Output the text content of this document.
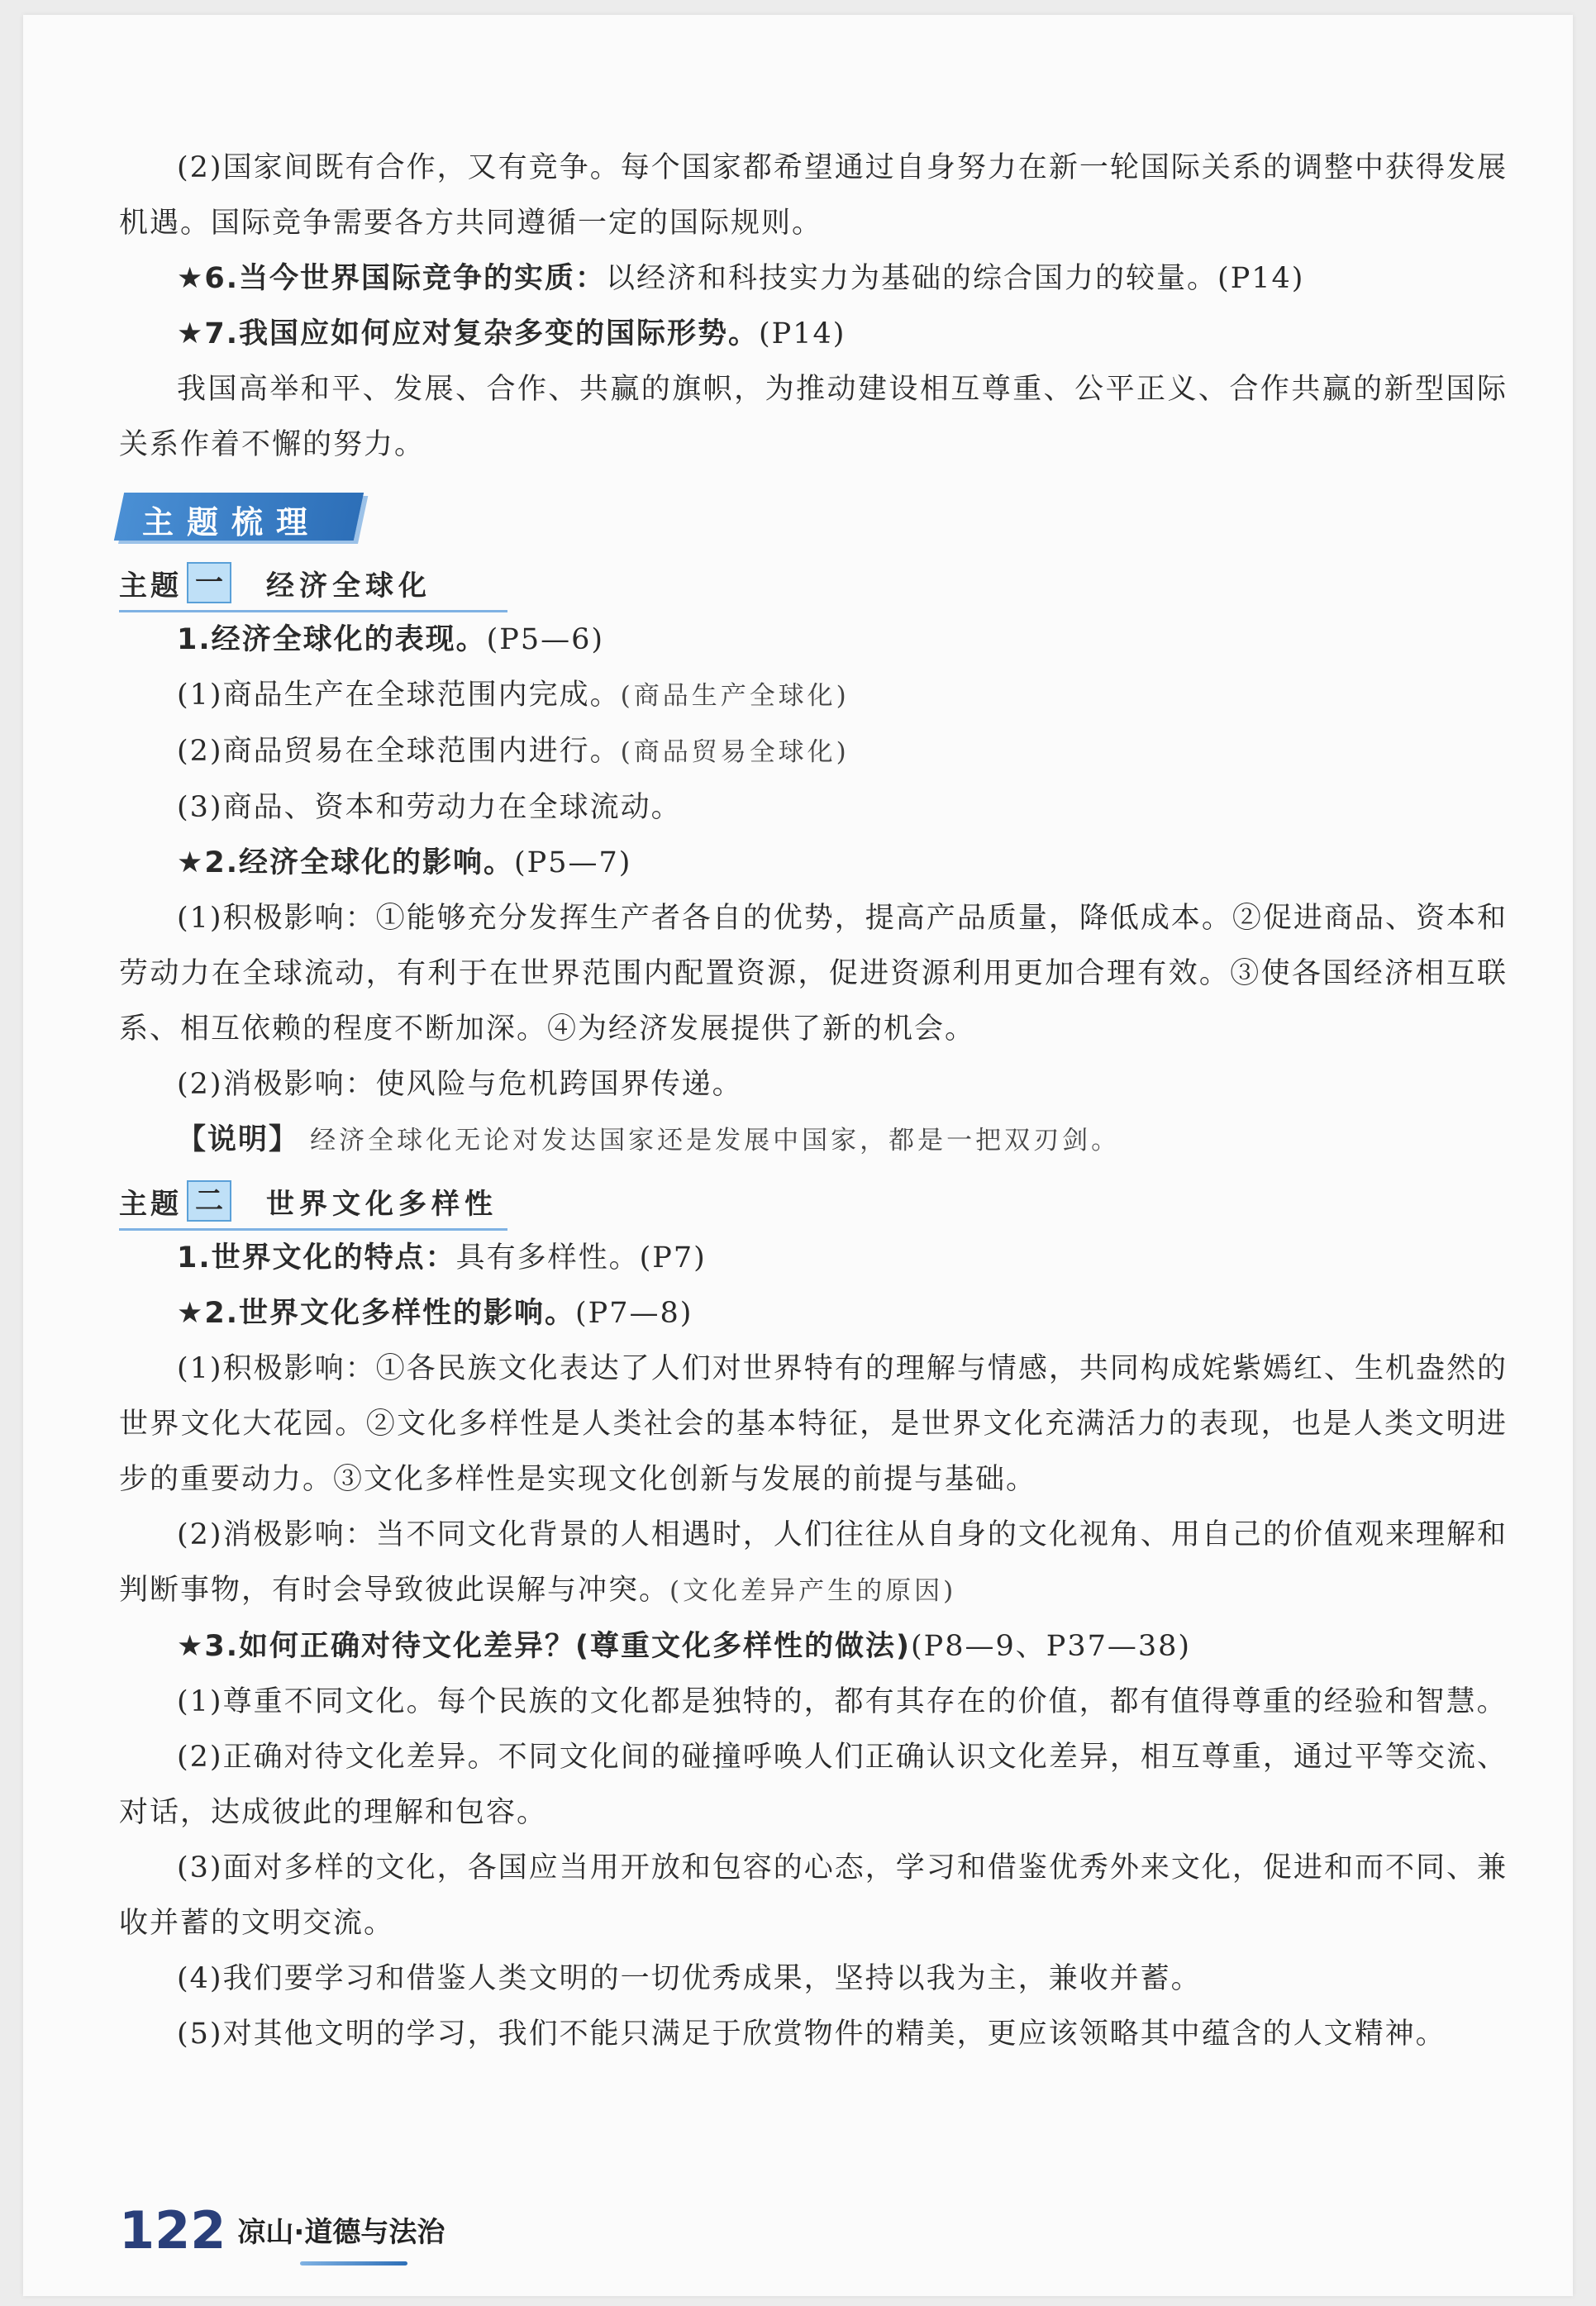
(2)国家间既有合作，又有竞争。每个国家都希望通过自身努力在新一轮国际关系的调整中获得发展机遇。国际竞争需要各方共同遵循一定的国际规则。

★6.当今世界国际竞争的实质：以经济和科技实力为基础的综合国力的较量。(P14)

★7.我国应如何应对复杂多变的国际形势。(P14)

我国高举和平、发展、合作、共赢的旗帜，为推动建设相互尊重、公平正义、合作共赢的新型国际关系作着不懈的努力。

主题梳理
主题 一 经济全球化

1.经济全球化的表现。(P5—6)

(1)商品生产在全球范围内完成。(商品生产全球化)

(2)商品贸易在全球范围内进行。(商品贸易全球化)

(3)商品、资本和劳动力在全球流动。

★2.经济全球化的影响。(P5—7)

(1)积极影响：①能够充分发挥生产者各自的优势，提高产品质量，降低成本。②促进商品、资本和劳动力在全球流动，有利于在世界范围内配置资源，促进资源利用更加合理有效。③使各国经济相互联系、相互依赖的程度不断加深。④为经济发展提供了新的机会。

(2)消极影响：使风险与危机跨国界传递。

【说明】 经济全球化无论对发达国家还是发展中国家，都是一把双刃剑。

主题 二 世界文化多样性

1.世界文化的特点：具有多样性。(P7)

★2.世界文化多样性的影响。(P7—8)

(1)积极影响：①各民族文化表达了人们对世界特有的理解与情感，共同构成姹紫嫣红、生机盎然的世界文化大花园。②文化多样性是人类社会的基本特征，是世界文化充满活力的表现，也是人类文明进步的重要动力。③文化多样性是实现文化创新与发展的前提与基础。

(2)消极影响：当不同文化背景的人相遇时，人们往往从自身的文化视角、用自己的价值观来理解和判断事物，有时会导致彼此误解与冲突。(文化差异产生的原因)

★3.如何正确对待文化差异？(尊重文化多样性的做法)(P8—9、P37—38)

(1)尊重不同文化。每个民族的文化都是独特的，都有其存在的价值，都有值得尊重的经验和智慧。

(2)正确对待文化差异。不同文化间的碰撞呼唤人们正确认识文化差异，相互尊重，通过平等交流、对话，达成彼此的理解和包容。

(3)面对多样的文化，各国应当用开放和包容的心态，学习和借鉴优秀外来文化，促进和而不同、兼收并蓄的文明交流。

(4)我们要学习和借鉴人类文明的一切优秀成果，坚持以我为主，兼收并蓄。

(5)对其他文明的学习，我们不能只满足于欣赏物件的精美，更应该领略其中蕴含的人文精神。

122 凉山·道德与法治
